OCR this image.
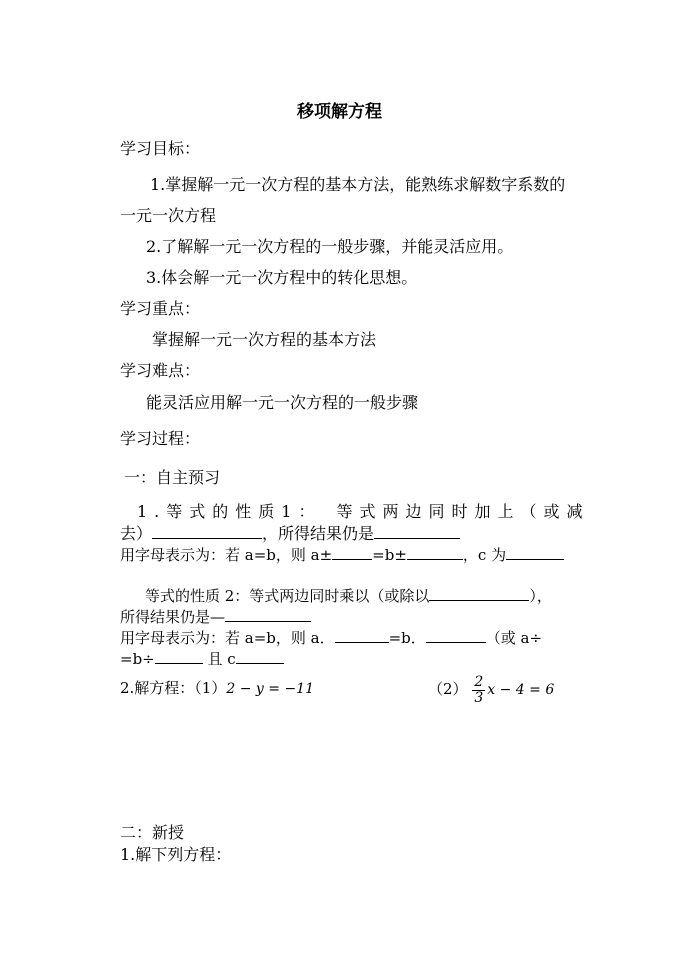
移项解方程
学习目标：
1.掌握解一元一次方程的基本方法，能熟练求解数字系数的
一元一次方程
2.了解解一元一次方程的一般步骤，并能灵活应用。
3.体会解一元一次方程中的转化思想。
学习重点：
掌握解一元一次方程的基本方法
学习难点：
能灵活应用解一元一次方程的一般步骤
学习过程：
一：自主预习
1.等式的性质1：　等式两边同时加上（或减
去）	，所得结果仍是
用字母表示为：若 a=b，则 a±	=b±	，c 为
等式的性质 2：等式两边同时乘以（或除以	），
所得结果仍是—
用字母表示为：若 a=b，则 a．	=b．	（或 a÷
=b÷	且 c
2.解方程：（1）2 − y = −11	$(2) \frac{2}{3}$ x − 4 = 6
二：新授
1.解下列方程：
